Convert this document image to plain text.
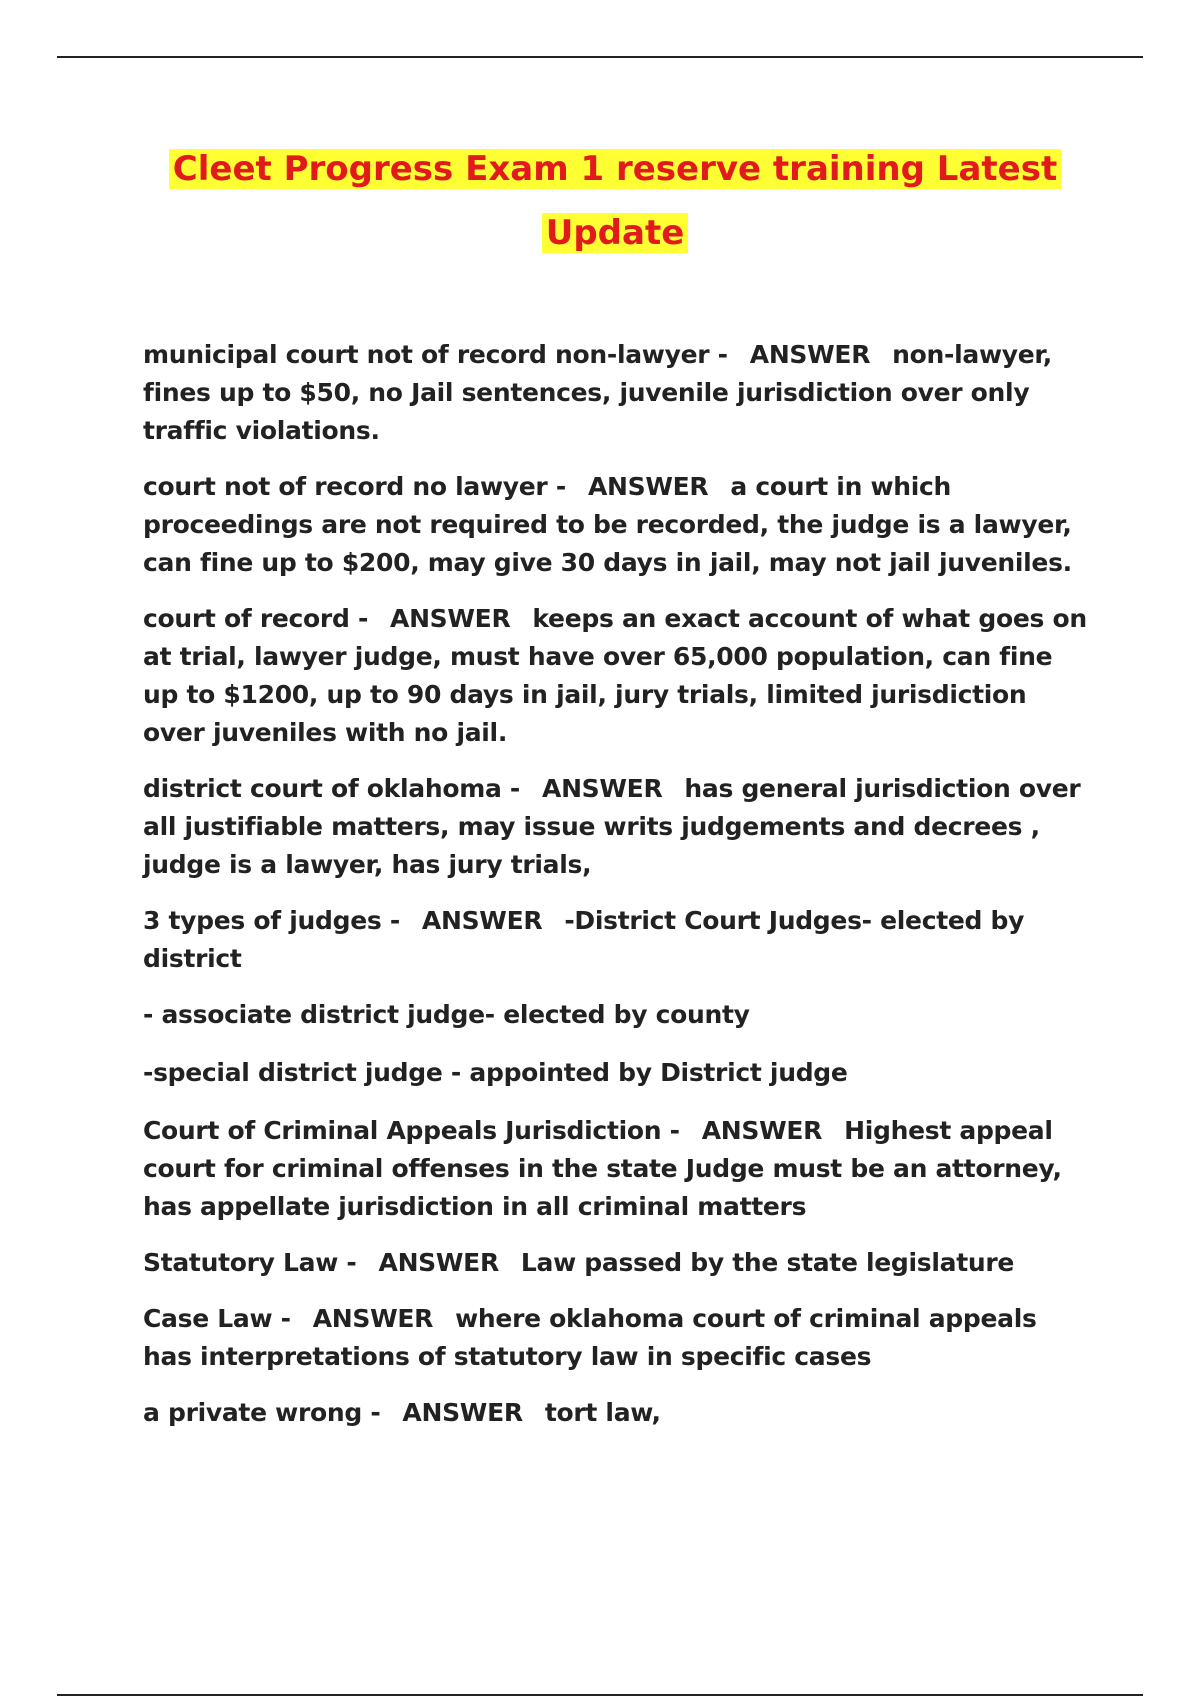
Cleet Progress Exam 1 reserve training Latest Update

municipal court not of record non-lawyer - ANSWER non-lawyer, fines up to $50, no Jail sentences, juvenile jurisdiction over only traffic violations.

court not of record no lawyer - ANSWER a court in which proceedings are not required to be recorded, the judge is a lawyer, can fine up to $200, may give 30 days in jail, may not jail juveniles.

court of record - ANSWER keeps an exact account of what goes on at trial, lawyer judge, must have over 65,000 population, can fine up to $1200, up to 90 days in jail, jury trials, limited jurisdiction over juveniles with no jail.

district court of oklahoma - ANSWER has general jurisdiction over all justifiable matters, may issue writs judgements and decrees , judge is a lawyer, has jury trials,

3 types of judges - ANSWER -District Court Judges- elected by district

- associate district judge- elected by county

-special district judge - appointed by District judge

Court of Criminal Appeals Jurisdiction - ANSWER Highest appeal court for criminal offenses in the state Judge must be an attorney, has appellate jurisdiction in all criminal matters

Statutory Law - ANSWER Law passed by the state legislature

Case Law - ANSWER where oklahoma court of criminal appeals has interpretations of statutory law in specific cases

a private wrong - ANSWER tort law,
